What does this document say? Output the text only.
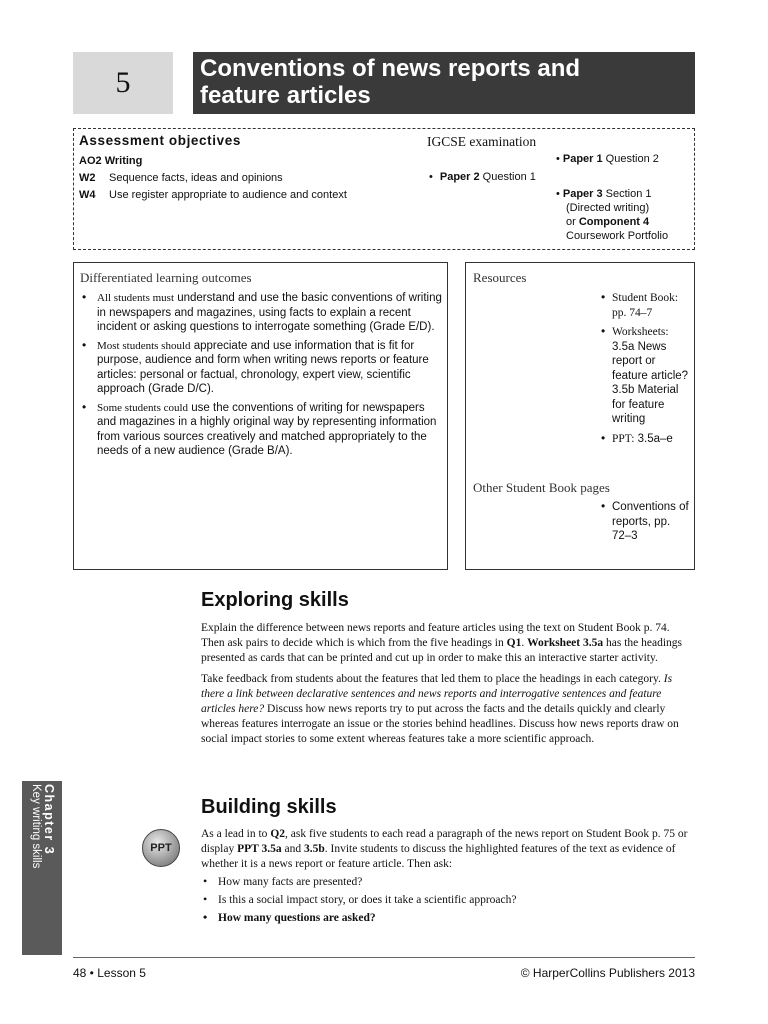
5	Conventions of news reports and
feature articles
Assessment objectives
AO2 Writing
W2 Sequence facts, ideas and opinions
W4 Use register appropriate to audience and context
IGCSE examination
• Paper 2 Question 1
• Paper 1 Question 2
• Paper 3 Section 1
(Directed writing)
or Component 4
Coursework Portfolio
Differentiated learning outcomes
• All students must understand and use the basic conventions of writing in newspapers and magazines, using facts to explain a recent incident or asking questions to interrogate something (Grade E/D).
• Most students should appreciate and use information that is fit for purpose, audience and form when writing news reports or feature articles: personal or factual, chronology, expert view, scientific approach (Grade D/C).
• Some students could use the conventions of writing for newspapers and magazines in a highly original way by representing information from various sources creatively and matched appropriately to the needs of a new audience (Grade B/A).
Resources
• Student Book: pp. 74–7
• Worksheets:
3.5a News report or feature article?
3.5b Material for feature writing
• PPT: 3.5a–e
Other Student Book pages
• Conventions of reports, pp. 72–3
Exploring skills

Explain the difference between news reports and feature articles using the text on Student Book p. 74. Then ask pairs to decide which is which from the five headings in Q1. Worksheet 3.5a has the headings presented as cards that can be printed and cut up in order to make this an interactive starter activity.

Take feedback from students about the features that led them to place the headings in each category. Is there a link between declarative sentences and news reports and interrogative sentences and feature articles here? Discuss how news reports try to put across the facts and the details quickly and clearly whereas features interrogate an issue or the stories behind headlines. Discuss how news reports draw on social impact stories to some extent whereas features take a more scientific approach.

Building skills
PPT

As a lead in to Q2, ask five students to each read a paragraph of the news report on Student Book p. 75 or display PPT 3.5a and 3.5b. Invite students to discuss the highlighted features of the text as evidence of whether it is a news report or feature article. Then ask:

• How many facts are presented?
• Is this a social impact story, or does it take a scientific approach?
• How many questions are asked?
Chapter 3
Key writing skills
48 • Lesson 5	© HarperCollins Publishers 2013
